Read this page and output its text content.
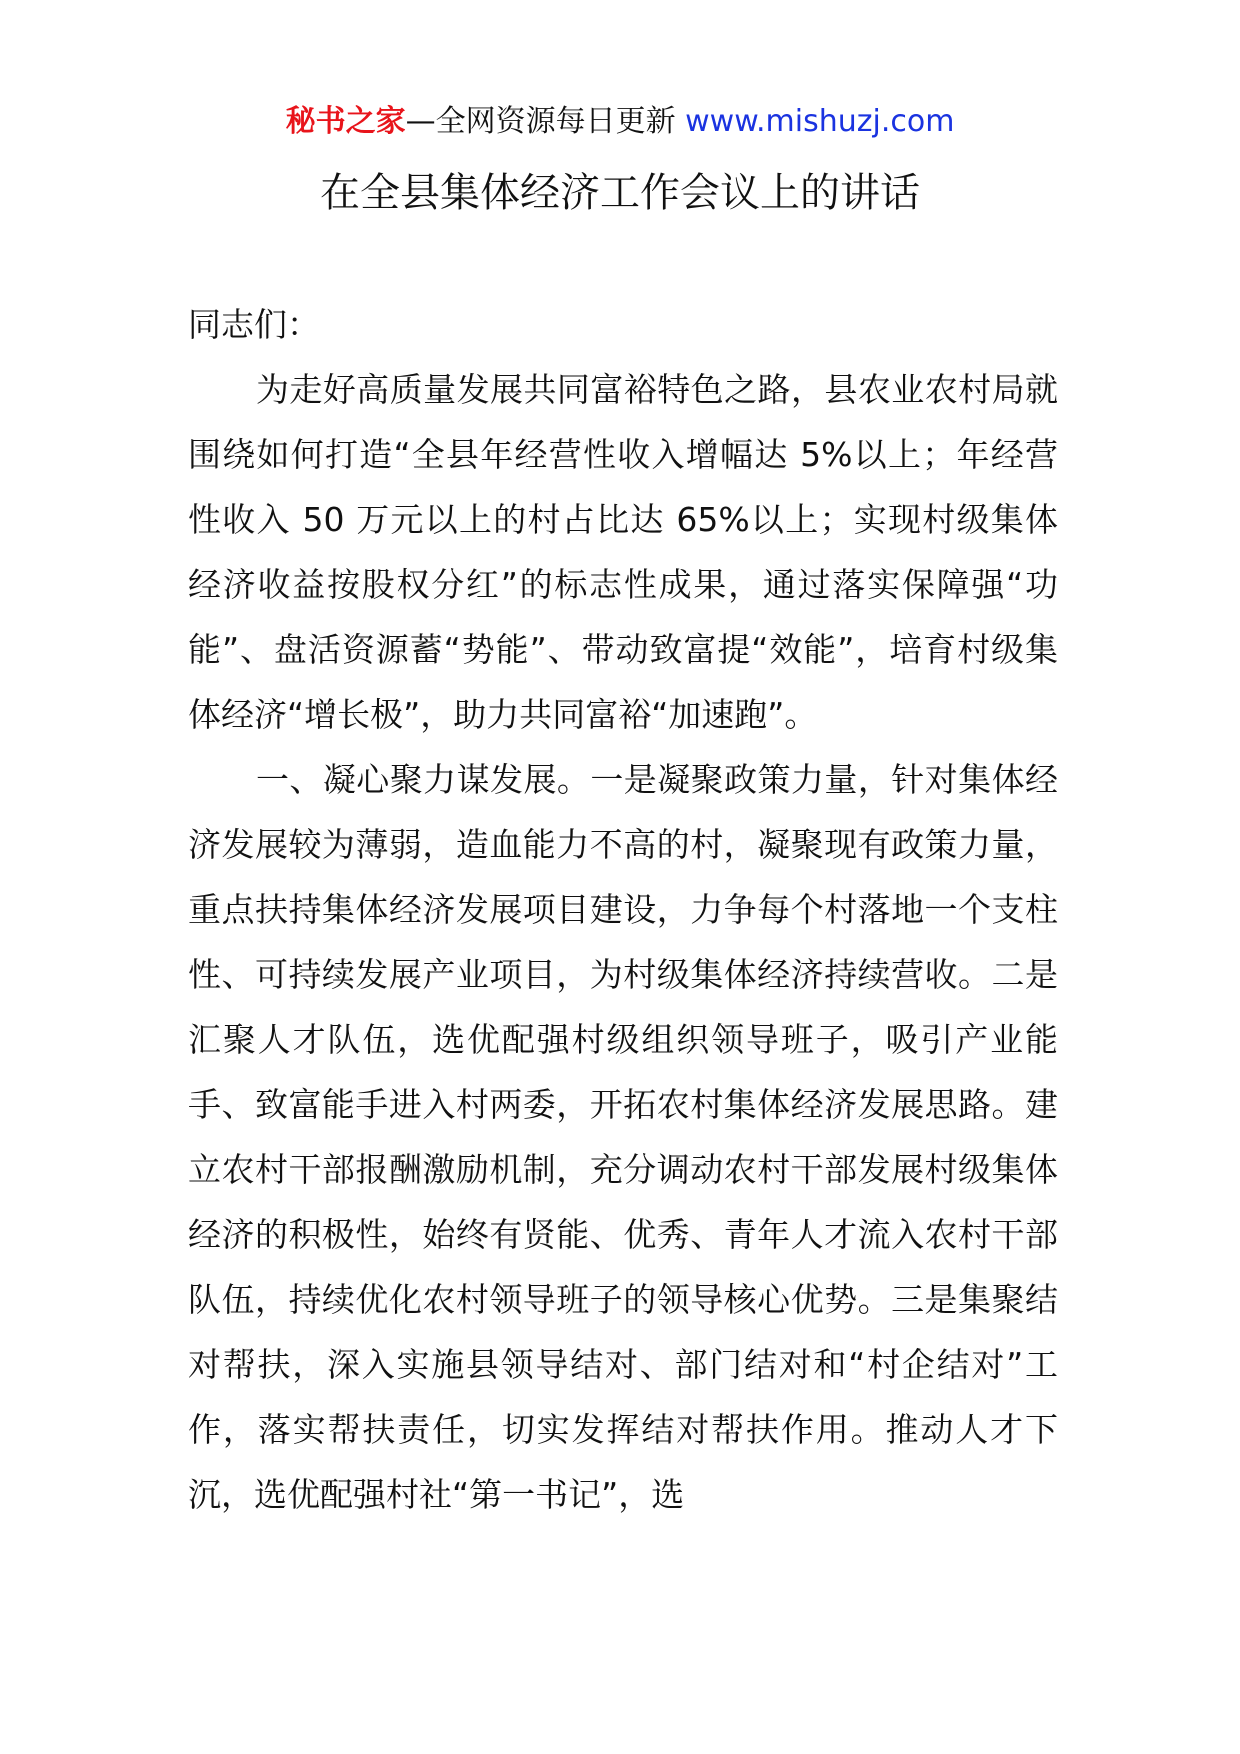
秘书之家—全网资源每日更新 www.mishuzj.com
在全县集体经济工作会议上的讲话

同志们：

为走好高质量发展共同富裕特色之路，县农业农村局就围绕如何打造“全县年经营性收入增幅达 5%以上；年经营性收入 50 万元以上的村占比达 65%以上；实现村级集体经济收益按股权分红”的标志性成果，通过落实保障强“功能”、盘活资源蓄“势能”、带动致富提“效能”，培育村级集体经济“增长极”，助力共同富裕“加速跑”。

一、凝心聚力谋发展。一是凝聚政策力量，针对集体经济发展较为薄弱，造血能力不高的村，凝聚现有政策力量，重点扶持集体经济发展项目建设，力争每个村落地一个支柱性、可持续发展产业项目，为村级集体经济持续营收。二是汇聚人才队伍，选优配强村级组织领导班子，吸引产业能手、致富能手进入村两委，开拓农村集体经济发展思路。建立农村干部报酬激励机制，充分调动农村干部发展村级集体经济的积极性，始终有贤能、优秀、青年人才流入农村干部队伍，持续优化农村领导班子的领导核心优势。三是集聚结对帮扶，深入实施县领导结对、部门结对和“村企结对”工作，落实帮扶责任，切实发挥结对帮扶作用。推动人才下沉，选优配强村社“第一书记”，选
